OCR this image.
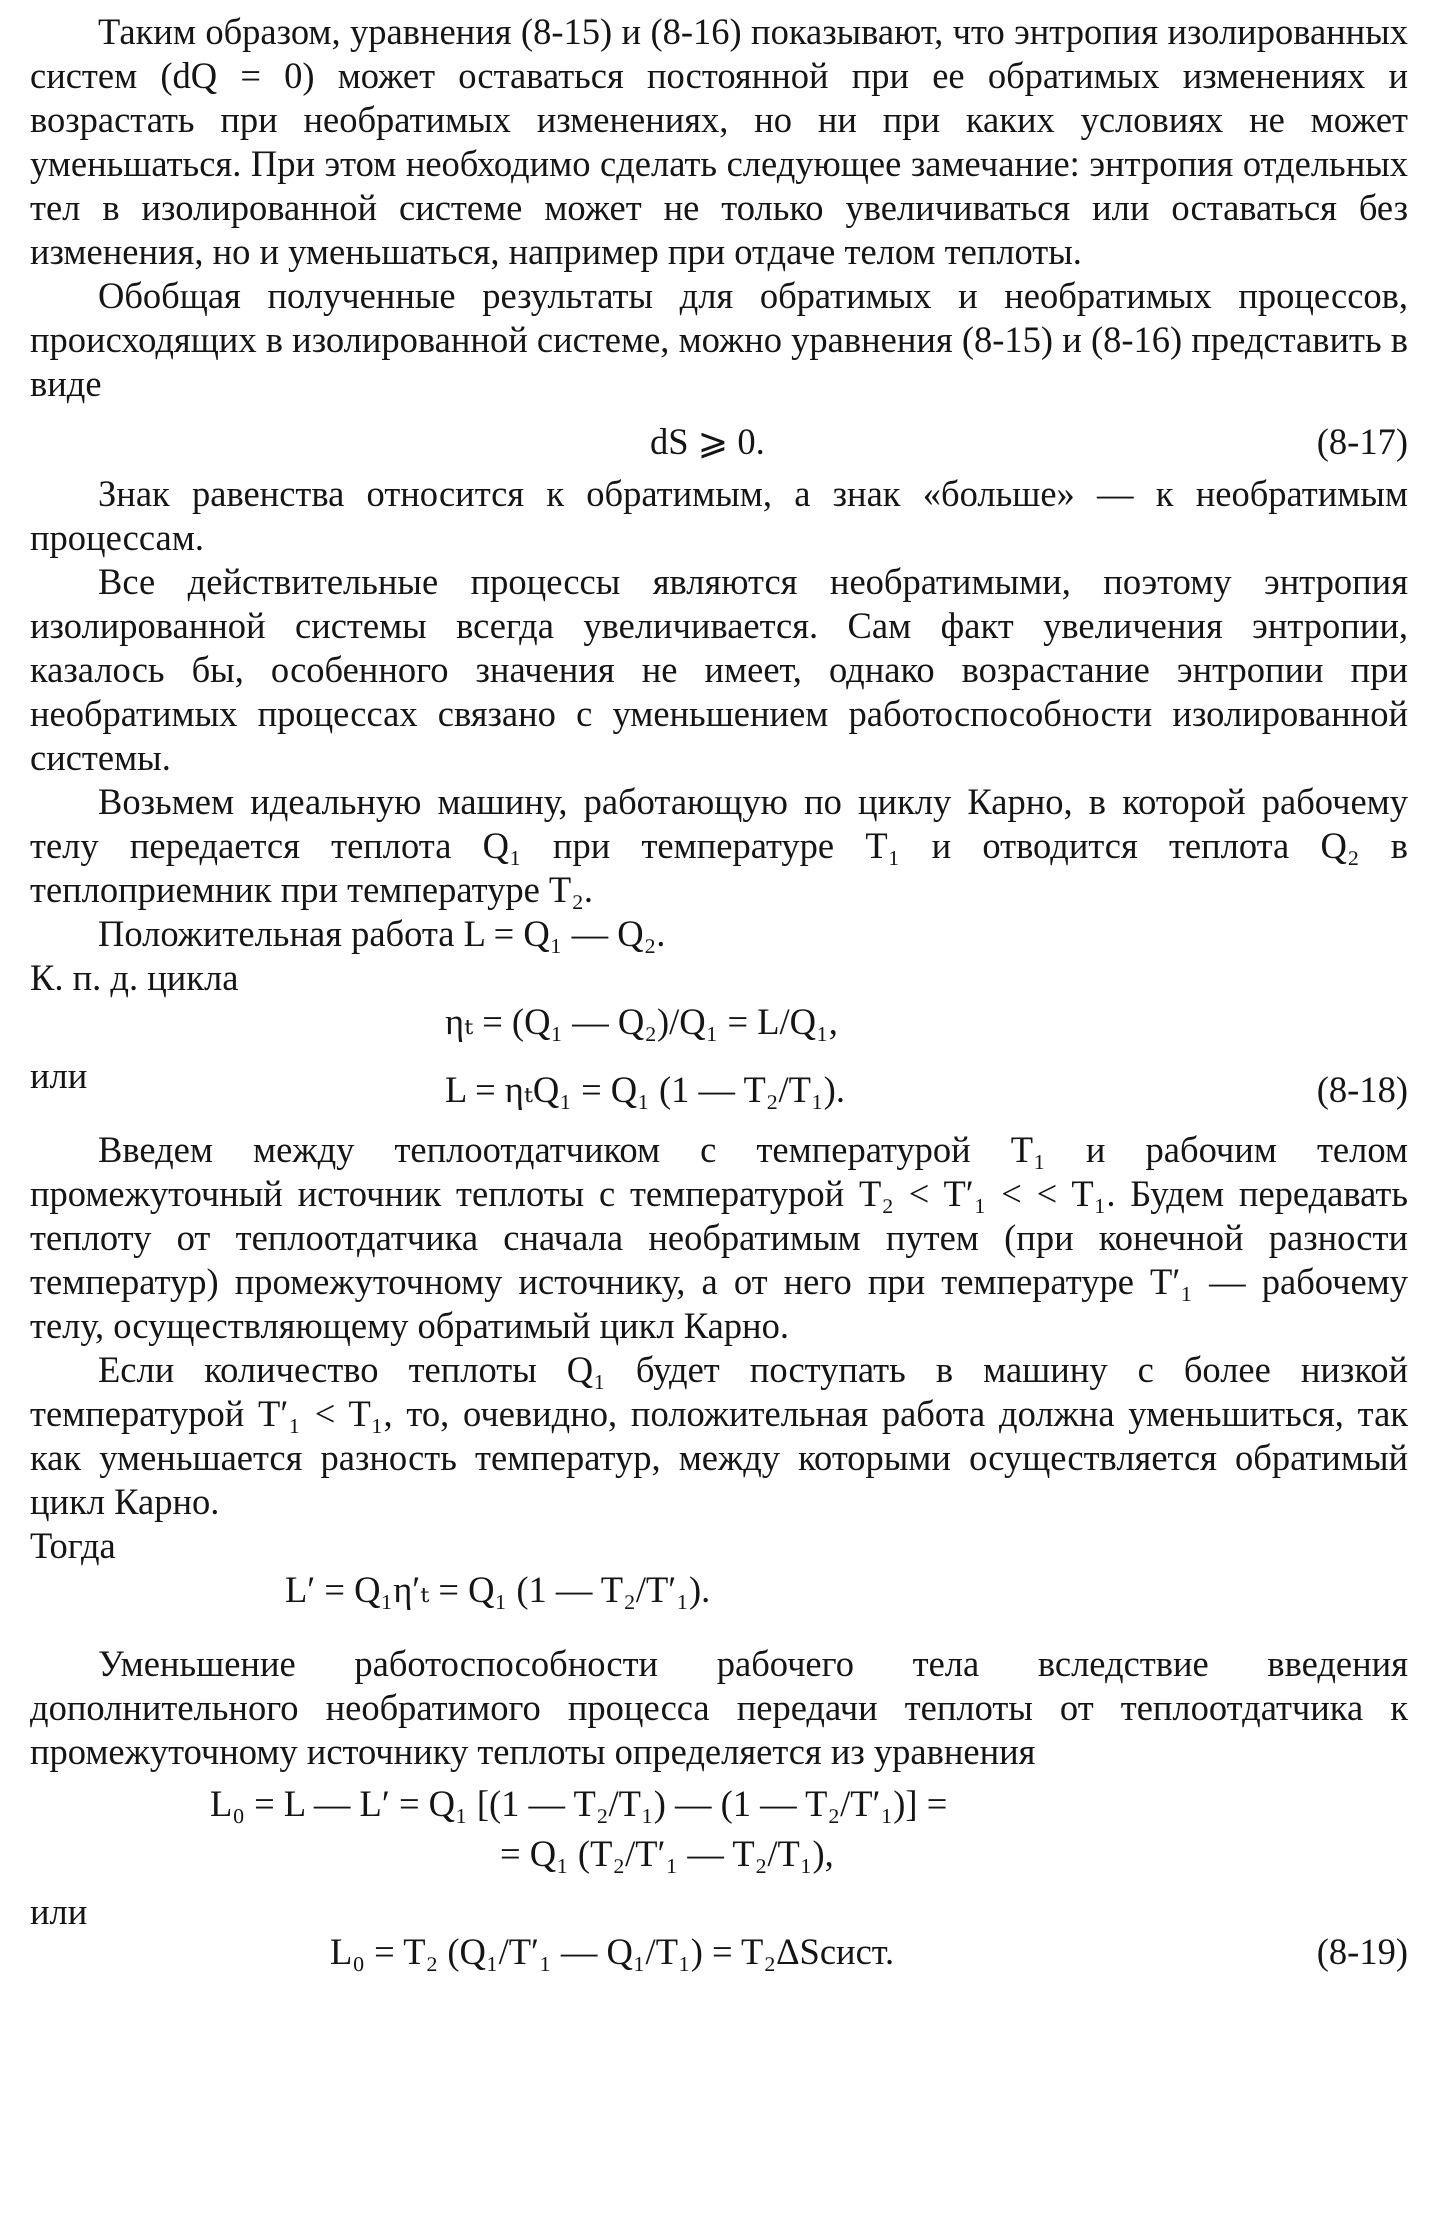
Таким образом, уравнения (8-15) и (8-16) показывают, что энтропия изолированных систем (dQ = 0) может оставаться постоянной при ее обратимых изменениях и возрастать при необратимых изменениях, но ни при каких условиях не может уменьшаться. При этом необходимо сделать следующее замечание: энтропия отдельных тел в изолированной системе может не только увеличиваться или оставаться без изменения, но и уменьшаться, например при отдаче телом теплоты.

Обобщая полученные результаты для обратимых и необратимых процессов, происходящих в изолированной системе, можно уравнения (8-15) и (8-16) представить в виде

dS ⩾ 0.	(8-17)

Знак равенства относится к обратимым, а знак «больше» — к необратимым процессам.

Все действительные процессы являются необратимыми, поэтому энтропия изолированной системы всегда увеличивается. Сам факт увеличения энтропии, казалось бы, особенного значения не имеет, однако возрастание энтропии при необратимых процессах связано с уменьшением работоспособности изолированной системы.

Возьмем идеальную машину, работающую по циклу Карно, в которой рабочему телу передается теплота Q₁ при температуре T₁ и отводится теплота Q₂ в теплоприемник при температуре T₂.

Положительная работа L = Q₁ — Q₂.

К. п. д. цикла

ηₜ = (Q₁ — Q₂)/Q₁ = L/Q₁,
или	L = ηₜQ₁ = Q₁ (1 — T₂/T₁).	(8-18)

Введем между теплоотдатчиком с температурой T₁ и рабочим телом промежуточный источник теплоты с температурой T₂ < T′₁ < < T₁. Будем передавать теплоту от теплоотдатчика сначала необратимым путем (при конечной разности температур) промежуточному источнику, а от него при температуре T′₁ — рабочему телу, осуществляющему обратимый цикл Карно.

Если количество теплоты Q₁ будет поступать в машину с более низкой температурой T′₁ < T₁, то, очевидно, положительная работа должна уменьшиться, так как уменьшается разность температур, между которыми осуществляется обратимый цикл Карно.

Тогда

L′ = Q₁η′ₜ = Q₁ (1 — T₂/T′₁).

Уменьшение работоспособности рабочего тела вследствие введения дополнительного необратимого процесса передачи теплоты от теплоотдатчика к промежуточному источнику теплоты определяется из уравнения

L₀ = L — L′ = Q₁ [(1 — T₂/T₁) — (1 — T₂/T′₁)] =
= Q₁ (T₂/T′₁ — T₂/T₁),
или
L₀ = T₂ (Q₁/T′₁ — Q₁/T₁) = T₂ΔSсист.	(8-19)
